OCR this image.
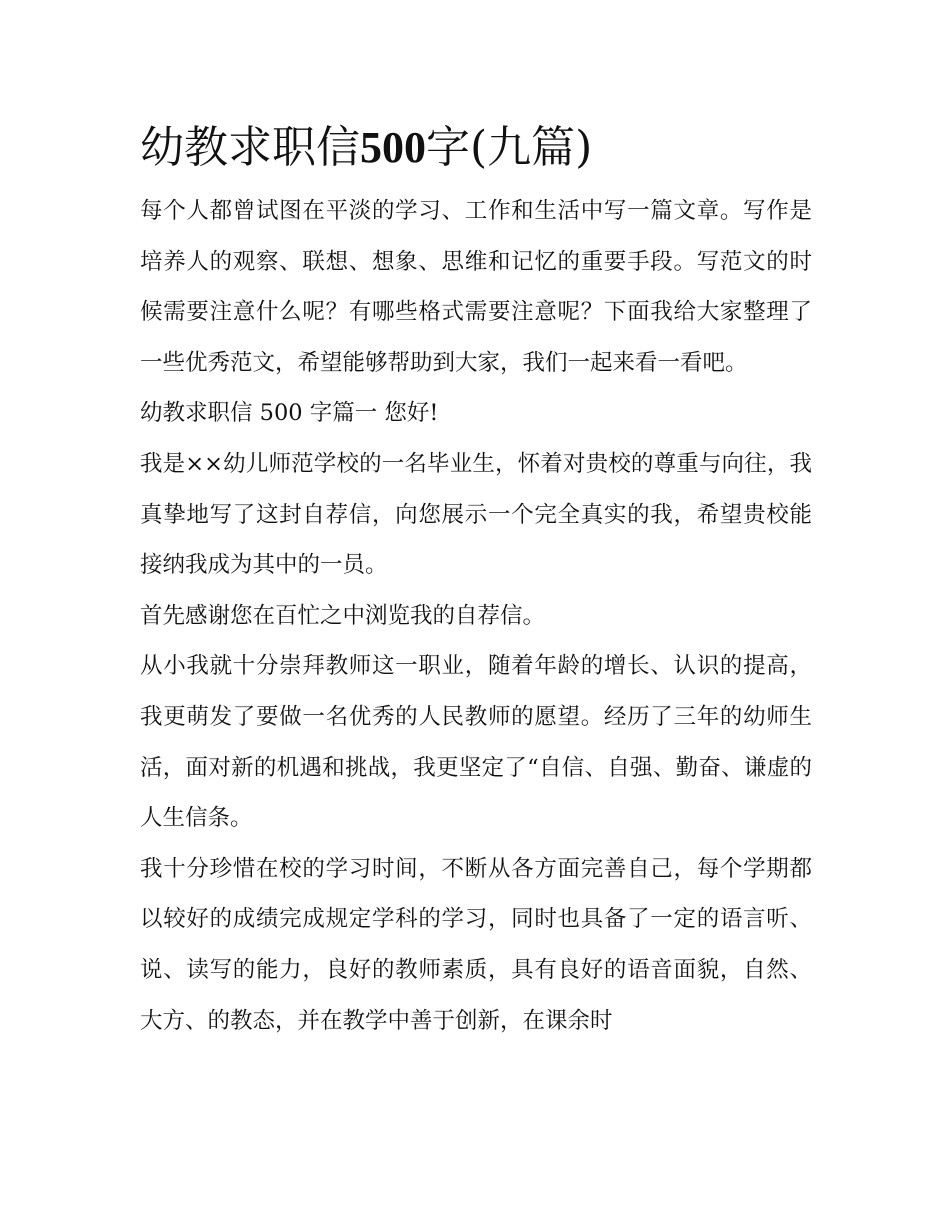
幼教求职信500字(九篇)

每个人都曾试图在平淡的学习、工作和生活中写一篇文章。写作是培养人的观察、联想、想象、思维和记忆的重要手段。写范文的时候需要注意什么呢？有哪些格式需要注意呢？下面我给大家整理了一些优秀范文，希望能够帮助到大家，我们一起来看一看吧。

幼教求职信 500 字篇一 您好!

我是××幼儿师范学校的一名毕业生，怀着对贵校的尊重与向往，我真挚地写了这封自荐信，向您展示一个完全真实的我，希望贵校能接纳我成为其中的一员。

首先感谢您在百忙之中浏览我的自荐信。

从小我就十分崇拜教师这一职业，随着年龄的增长、认识的提高，我更萌发了要做一名优秀的人民教师的愿望。经历了三年的幼师生活，面对新的机遇和挑战，我更坚定了“自信、自强、勤奋、谦虚的人生信条。

我十分珍惜在校的学习时间，不断从各方面完善自己，每个学期都以较好的成绩完成规定学科的学习，同时也具备了一定的语言听、说、读写的能力，良好的教师素质，具有良好的语音面貌，自然、大方、的教态，并在教学中善于创新，在课余时
